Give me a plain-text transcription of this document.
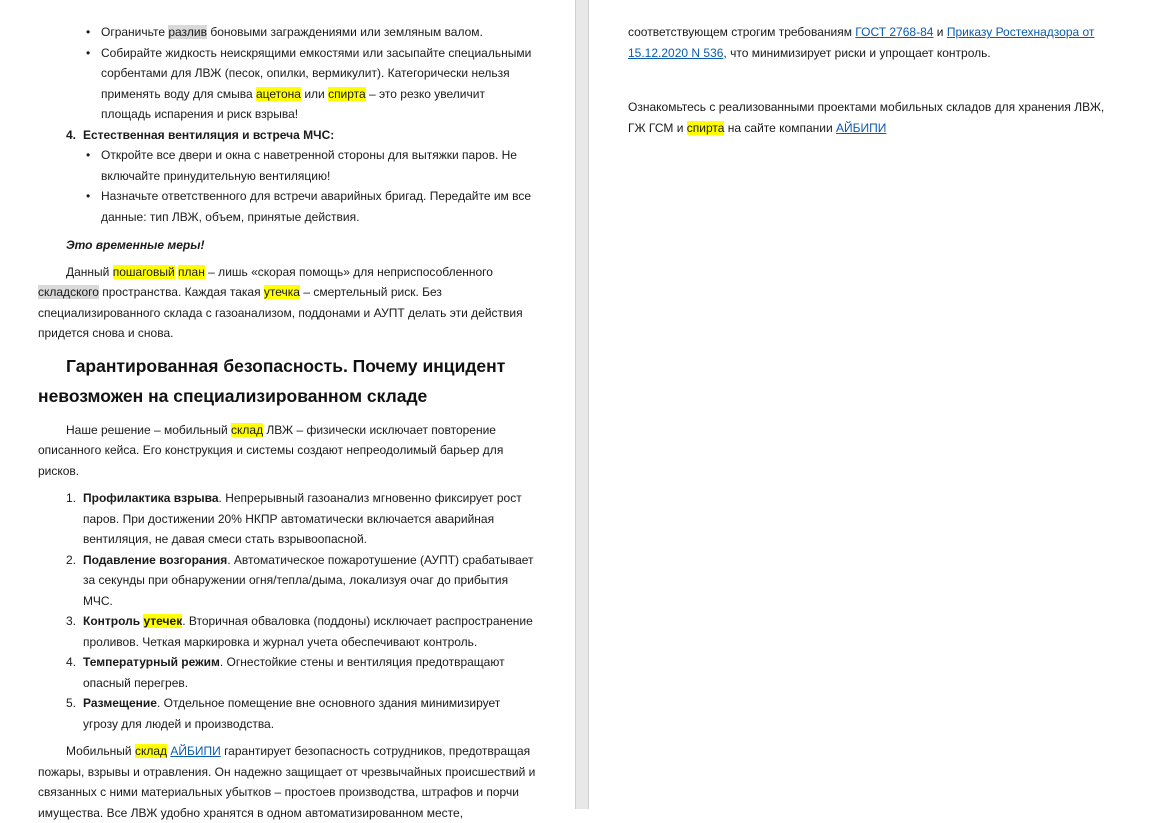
• Ограничьте разлив боновыми заграждениями или земляным валом.
• Собирайте жидкость неискрящими емкостями или засыпайте специальными сорбентами для ЛВЖ (песок, опилки, вермикулит). Категорически нельзя применять воду для смыва ацетона или спирта – это резко увеличит площадь испарения и риск взрыва!
4. Естественная вентиляция и встреча МЧС:
• Откройте все двери и окна с наветренной стороны для вытяжки паров. Не включайте принудительную вентиляцию!
• Назначьте ответственного для встречи аварийных бригад. Передайте им все данные: тип ЛВЖ, объем, принятые действия.

Это временные меры!

Данный пошаговый план – лишь «скорая помощь» для неприспособленного складского пространства. Каждая такая утечка – смертельный риск. Без специализированного склада с газоанализом, поддонами и АУПТ делать эти действия придется снова и снова.

Гарантированная безопасность. Почему инцидент невозможен на специализированном складе

Наше решение – мобильный склад ЛВЖ – физически исключает повторение описанного кейса. Его конструкция и системы создают непреодолимый барьер для рисков.

1. Профилактика взрыва. Непрерывный газоанализ мгновенно фиксирует рост паров. При достижении 20% НКПР автоматически включается аварийная вентиляция, не давая смеси стать взрывоопасной.
2. Подавление возгорания. Автоматическое пожаротушение (АУПТ) срабатывает за секунды при обнаружении огня/тепла/дыма, локализуя очаг до прибытия МЧС.
3. Контроль утечек. Вторичная обваловка (поддоны) исключает распространение проливов. Четкая маркировка и журнал учета обеспечивают контроль.
4. Температурный режим. Огнестойкие стены и вентиляция предотвращают опасный перегрев.
5. Размещение. Отдельное помещение вне основного здания минимизирует угрозу для людей и производства.

Мобильный склад АЙБИПИ гарантирует безопасность сотрудников, предотвращая пожары, взрывы и отравления. Он надежно защищает от чрезвычайных происшествий и связанных с ними материальных убытков – простоев производства, штрафов и порчи имущества. Все ЛВЖ удобно хранятся в одном автоматизированном месте,

соответствующем строгим требованиям ГОСТ 2768-84 и Приказу Ростехнадзора от 15.12.2020 N 536, что минимизирует риски и упрощает контроль.

Ознакомьтесь с реализованными проектами мобильных складов для хранения ЛВЖ, ГЖ ГСМ и спирта на сайте компании АЙБИПИ
